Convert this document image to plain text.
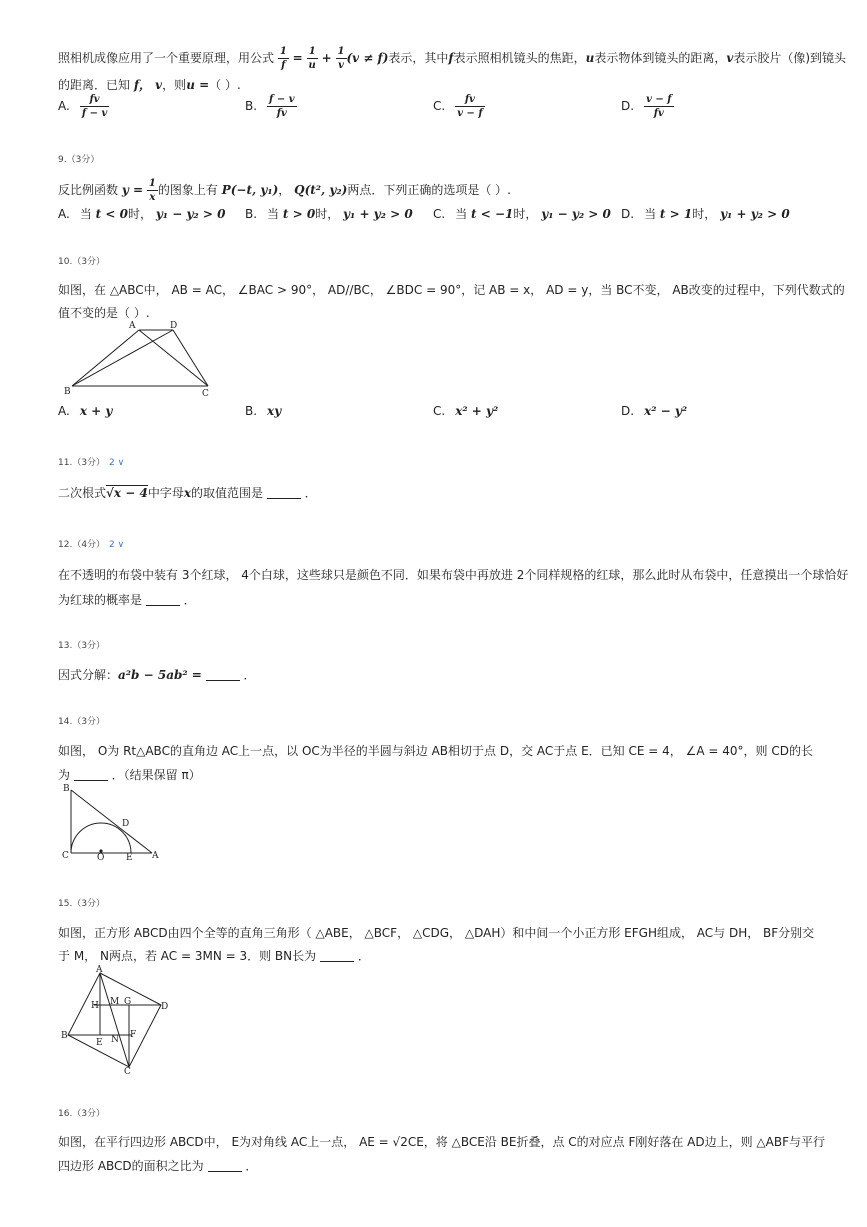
照相机成像应用了一个重要原理，用公式 $\frac{1}{f} = \frac{1}{u} + \frac{1}{v} (v \ne f)$表示，其中f表示照相机镜头的焦距，u表示物体到镜头的距离，v表示胶片（像)到镜头
的距离．已知 f， v，则u =（ ）.
A. $\frac{fv}{f - v}$	B. $\frac{f - v}{fv}$	C. $\frac{fv}{v - f}$	D. $\frac{v - f}{fv}$
9.（3分）
反比例函数 $y = \frac{1}{x}$ 的图象上有 P(−t, y₁)， Q(t², y₂)两点．下列正确的选项是（ ）.
A. 当 t < 0时， y₁ − y₂ > 0 B. 当 t > 0时， y₁ + y₂ > 0 C. 当 t < −1时， y₁ − y₂ > 0 D. 当 t > 1时， y₁ + y₂ > 0
10.（3分）
如图，在 △ABC中， AB = AC， ∠BAC > 90°， AD//BC， ∠BDC = 90°，记 AB = x， AD = y，当 BC不变， AB改变的过程中，下列代数式的
值不变的是（ ）.
A	D
B	C
A. x + y	B. xy	C. x² + y²	D. x² − y²
11.（3分） 2 ∨
二次根式√x − 4中字母x的取值范围是	．
12.（4分） 2 ∨
在不透明的布袋中装有 3个红球， 4个白球，这些球只是颜色不同．如果布袋中再放进 2个同样规格的红球，那么此时从布袋中，任意摸出一个球恰好
为红球的概率是	．
13.（3分）
因式分解：a²b − 5ab² =	．
14.（3分）
如图， O为 Rt△ABC的直角边 AC上一点，以 OC为半径的半圆与斜边 AB相切于点 D，交 AC于点 E．已知 CE = 4， ∠A = 40°，则 CD的长
为	．（结果保留 π）
B
D
C	O E A
15.（3分）
如图，正方形 ABCD由四个全等的直角三角形（ △ABE， △BCF， △CDG， △DAH）和中间一个小正方形 EFGH组成， AC与 DH， BF分别交
于 M， N两点，若 AC = 3MN = 3．则 BN长为	．
A
H M G	D
B	F
E N
C
16.（3分）
如图，在平行四边形 ABCD中， E为对角线 AC上一点， AE = √2CE，将 △BCE沿 BE折叠，点 C的对应点 F刚好落在 AD边上，则 △ABF与平行
四边形 ABCD的面积之比为	．
